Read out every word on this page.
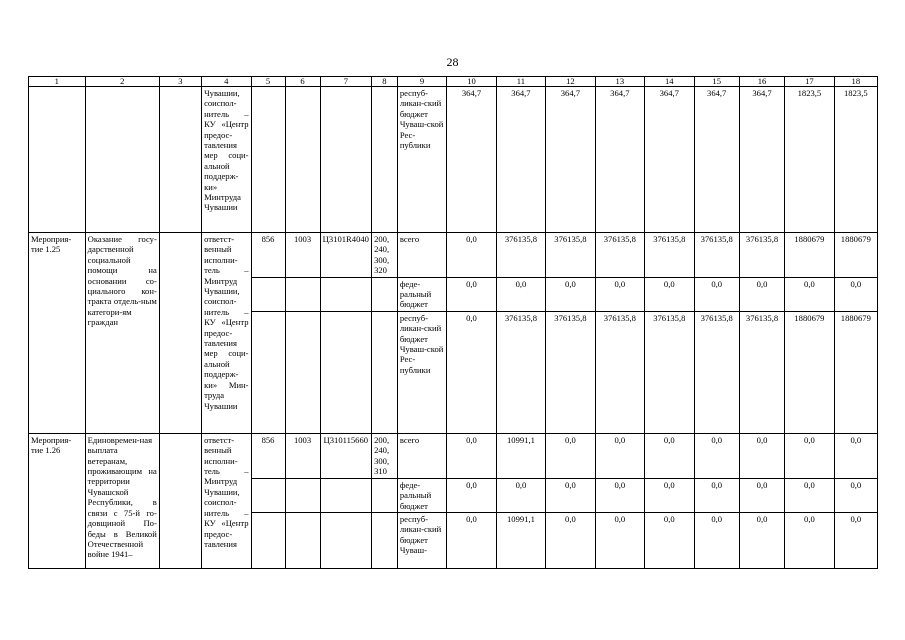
28
1	2	3	4	5	6	7	8	9	10	11	12	13	14	15	16	17	18
			Чувашии, соиспол-нитель – КУ «Центр предос-тавления мер соци-альной поддерж-ки» Минтруда Чувашии					респуб-ликан-ский бюджет Чуваш-ской Рес-публики	364,7	364,7	364,7	364,7	364,7	364,7	364,7	1823,5	1823,5
Мероприя-тие 1.25	Оказание госу-дарственной социальной помощи на основании со-циального кон-тракта отдель-ным категори-ям граждан		ответст-венный исполни-тель – Минтруд Чувашии, соиспол-нитель – КУ «Центр предос-тавления мер соци-альной поддерж-ки» Мин-труда Чувашии	856	1003	Ц3101R4040	200, 240, 300, 320	всего	0,0	376135,8	376135,8	376135,8	376135,8	376135,8	376135,8	1880679	1880679
								феде-ральный бюджет	0,0	0,0	0,0	0,0	0,0	0,0	0,0	0,0	0,0
								респуб-ликан-ский бюджет Чуваш-ской Рес-публики	0,0	376135,8	376135,8	376135,8	376135,8	376135,8	376135,8	1880679	1880679
Мероприя-тие 1.26	Единовремен-ная выплата ветеранам, проживающим на территории Чувашской Республики, в связи с 75-й го-довщиной По-беды в Великой Отечественной войне 1941–		ответст-венный исполни-тель – Минтруд Чувашии, соиспол-нитель – КУ «Центр предос-тавления	856	1003	Ц310115660	200, 240, 300, 310	всего	0,0	10991,1	0,0	0,0	0,0	0,0	0,0	0,0	0,0
								феде-ральный бюджет	0,0	0,0	0,0	0,0	0,0	0,0	0,0	0,0	0,0
								респуб-ликан-ский бюджет Чуваш-	0,0	10991,1	0,0	0,0	0,0	0,0	0,0	0,0	0,0
